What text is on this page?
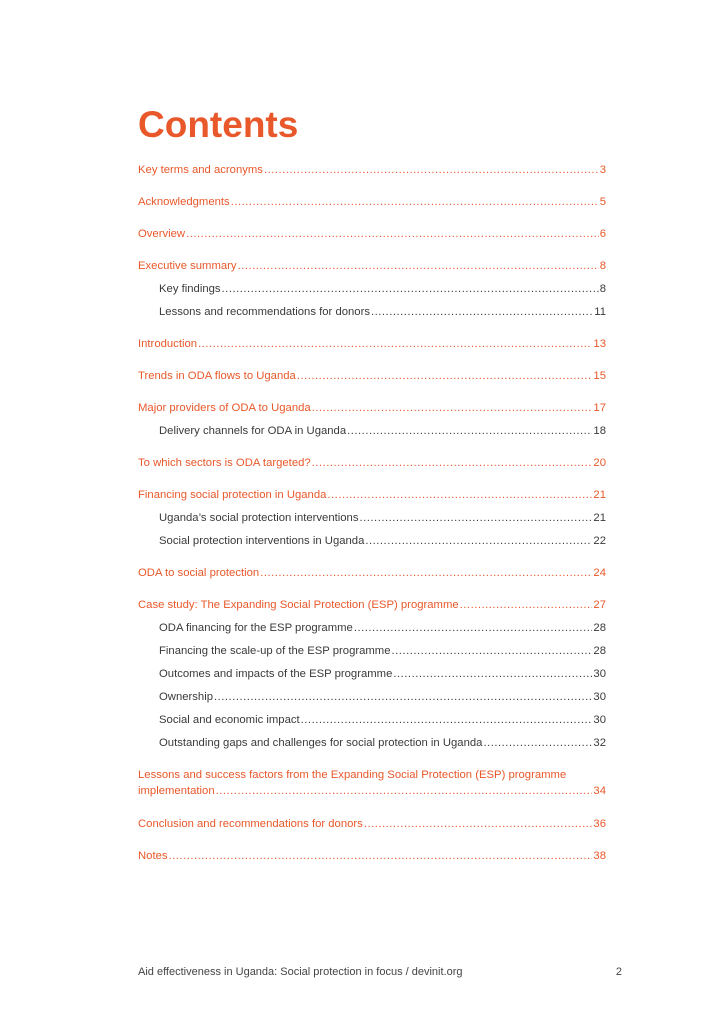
Contents
Key terms and acronyms .....	3
Acknowledgments .....	5
Overview .....	6
Executive summary .....	8
Key findings .....	8
Lessons and recommendations for donors .....	11
Introduction .....	13
Trends in ODA flows to Uganda .....	15
Major providers of ODA to Uganda .....	17
Delivery channels for ODA in Uganda .....	18
To which sectors is ODA targeted? .....	20
Financing social protection in Uganda .....	21
Uganda’s social protection interventions .....	21
Social protection interventions in Uganda .....	22
ODA to social protection .....	24
Case study: The Expanding Social Protection (ESP) programme .....	27
ODA financing for the ESP programme .....	28
Financing the scale-up of the ESP programme .....	28
Outcomes and impacts of the ESP programme .....	30
Ownership .....	30
Social and economic impact .....	30
Outstanding gaps and challenges for social protection in Uganda .....	32
Lessons and success factors from the Expanding Social Protection (ESP) programme
implementation .....	34
Conclusion and recommendations for donors .....	36
Notes .....	38
Aid effectiveness in Uganda: Social protection in focus / devinit.org	2
